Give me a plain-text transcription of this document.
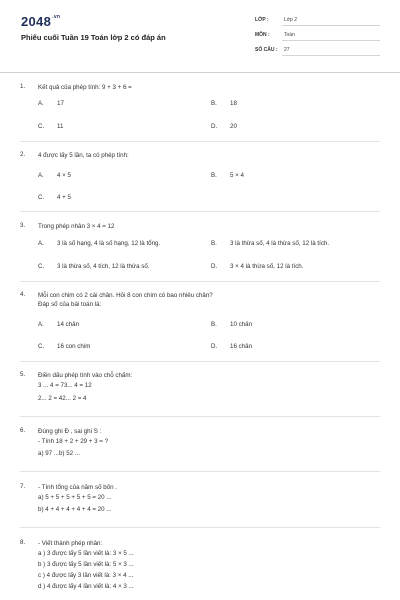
$2048^{.vn}$
Phiếu cuối Tuần 19 Toán lớp 2 có đáp án
LỚP :	Lớp 2
MÔN :	Toán
SỐ CÂU : 27
1. Kết quả của phép tính: 9 + 3 + 6 =
A. 17	B. 18
C. 11	D. 20
2. 4 được lấy 5 lần, ta có phép tính:
A. 4 × 5	B. 5 × 4
C. 4 + 5
3. Trong phép nhân 3 × 4 = 12
A. 3 là số hạng, 4 là số hạng, 12 là tổng.	B. 3 là thừa số, 4 là thừa số, 12 là tích.
C. 3 là thừa số, 4 tích, 12 là thừa số.	D. 3 × 4 là thừa số, 12 là tích.
4. Mỗi con chim có 2 cái chân. Hỏi 8 con chim có bao nhiêu chân?
Đáp số của bài toán là:
A. 14 chân	B. 10 chân
C. 16 con chim	D. 16 chân
5. Điền dấu phép tính vào chỗ chấm:
3 ... 4 = 73... 4 = 12
2... 2 = 42... 2 = 4
6. Đúng ghi Đ , sai ghi S :
- Tính 18 + 2 + 29 + 3 = ?
a) 97 ...b) 52 ...
7. - Tính tổng của năm số bốn .
a) 5 + 5 + 5 + 5 + 5 = 20 ...
b) 4 + 4 + 4 + 4 + 4 = 20 ...
8. - Viết thành phép nhân:
a ) 3 được lấy 5 lần viết là: 3 × 5 ...
b ) 3 được lấy 5 lần viết là: 5 × 3 ...
c ) 4 được lấy 3 lần viết là: 3 × 4 ...
d ) 4 được lấy 4 lần viết là: 4 × 3 ...
